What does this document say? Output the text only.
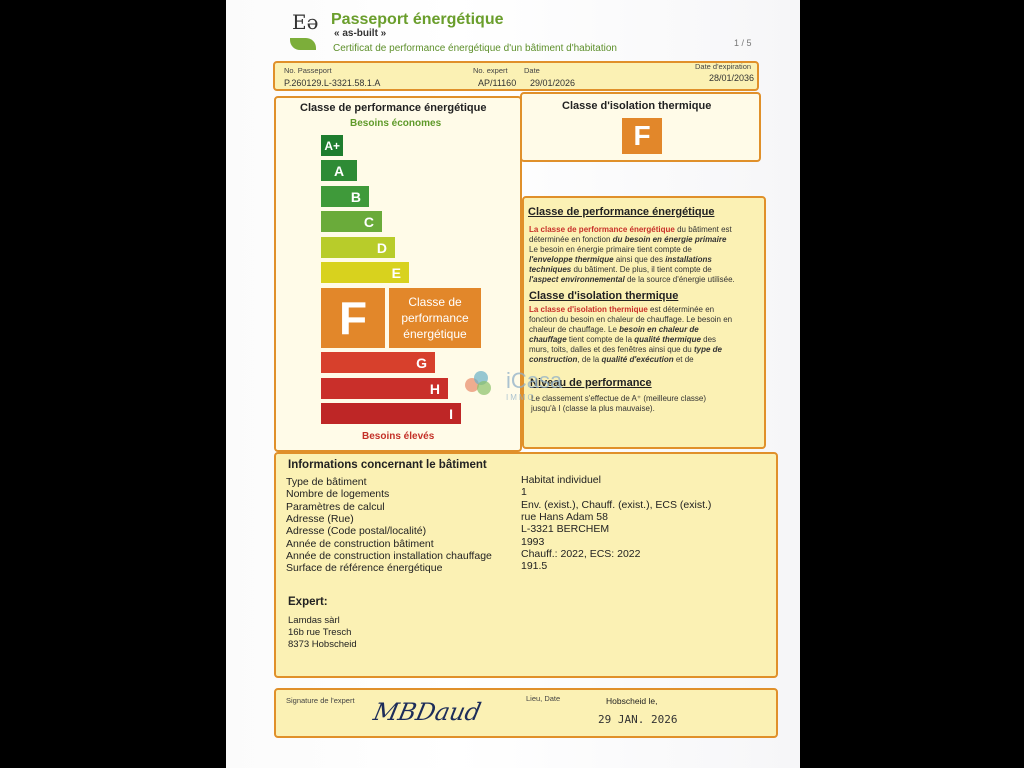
Eə Passeport énergétique
« as-built »
Certificat de performance énergétique d'un bâtiment d'habitation	1 / 5
No. Passeport
P.260129.L-3321.58.1.A
No. expert
AP/11160
Date
29/01/2026
Date d'expiration
28/01/2036
Classe de performance énergétique
Besoins économes
A+
A
B
C
D
E
F	Classe de performance énergétique
G
H
I
Besoins élevés
Classe d'isolation thermique
F
Classe de performance énergétique
La classe de performance énergétique du bâtiment est
déterminée en fonction du besoin en énergie primaire
Le besoin en énergie primaire tient compte de
l'enveloppe thermique ainsi que des installations
techniques du bâtiment. De plus, il tient compte de
l'aspect environnemental de la source d'énergie utilisée.
Classe d'isolation thermique
La classe d'isolation thermique est déterminée en
fonction du besoin en chaleur de chauffage. Le besoin en
chaleur de chauffage. Le besoin en chaleur de
chauffage tient compte de la qualité thermique des
murs, toits, dalles et des fenêtres ainsi que du type de
construction, de la qualité d'exécution et de
Niveau de performance
Le classement s'effectue de A⁺ (meilleure classe)
jusqu'à I (classe la plus mauvaise).
iCasa
IMMO
Informations concernant le bâtiment
Expert:
Lamdas sàrl
16b rue Tresch
8373 Hobscheid
Type de bâtiment	Habitat individuel
Nombre de logements	1
Paramètres de calcul	Env. (exist.), Chauff. (exist.), ECS (exist.)
Adresse (Rue)	rue Hans Adam 58
Adresse (Code postal/localité)	L-3321 BERCHEM
Année de construction bâtiment	1993
Année de construction installation chauffage	Chauff.: 2022, ECS: 2022
Surface de référence énergétique	191.5
Signature de l'expert MBDaud	Lieu, Date	Hobscheid le,
29 JAN. 2026
